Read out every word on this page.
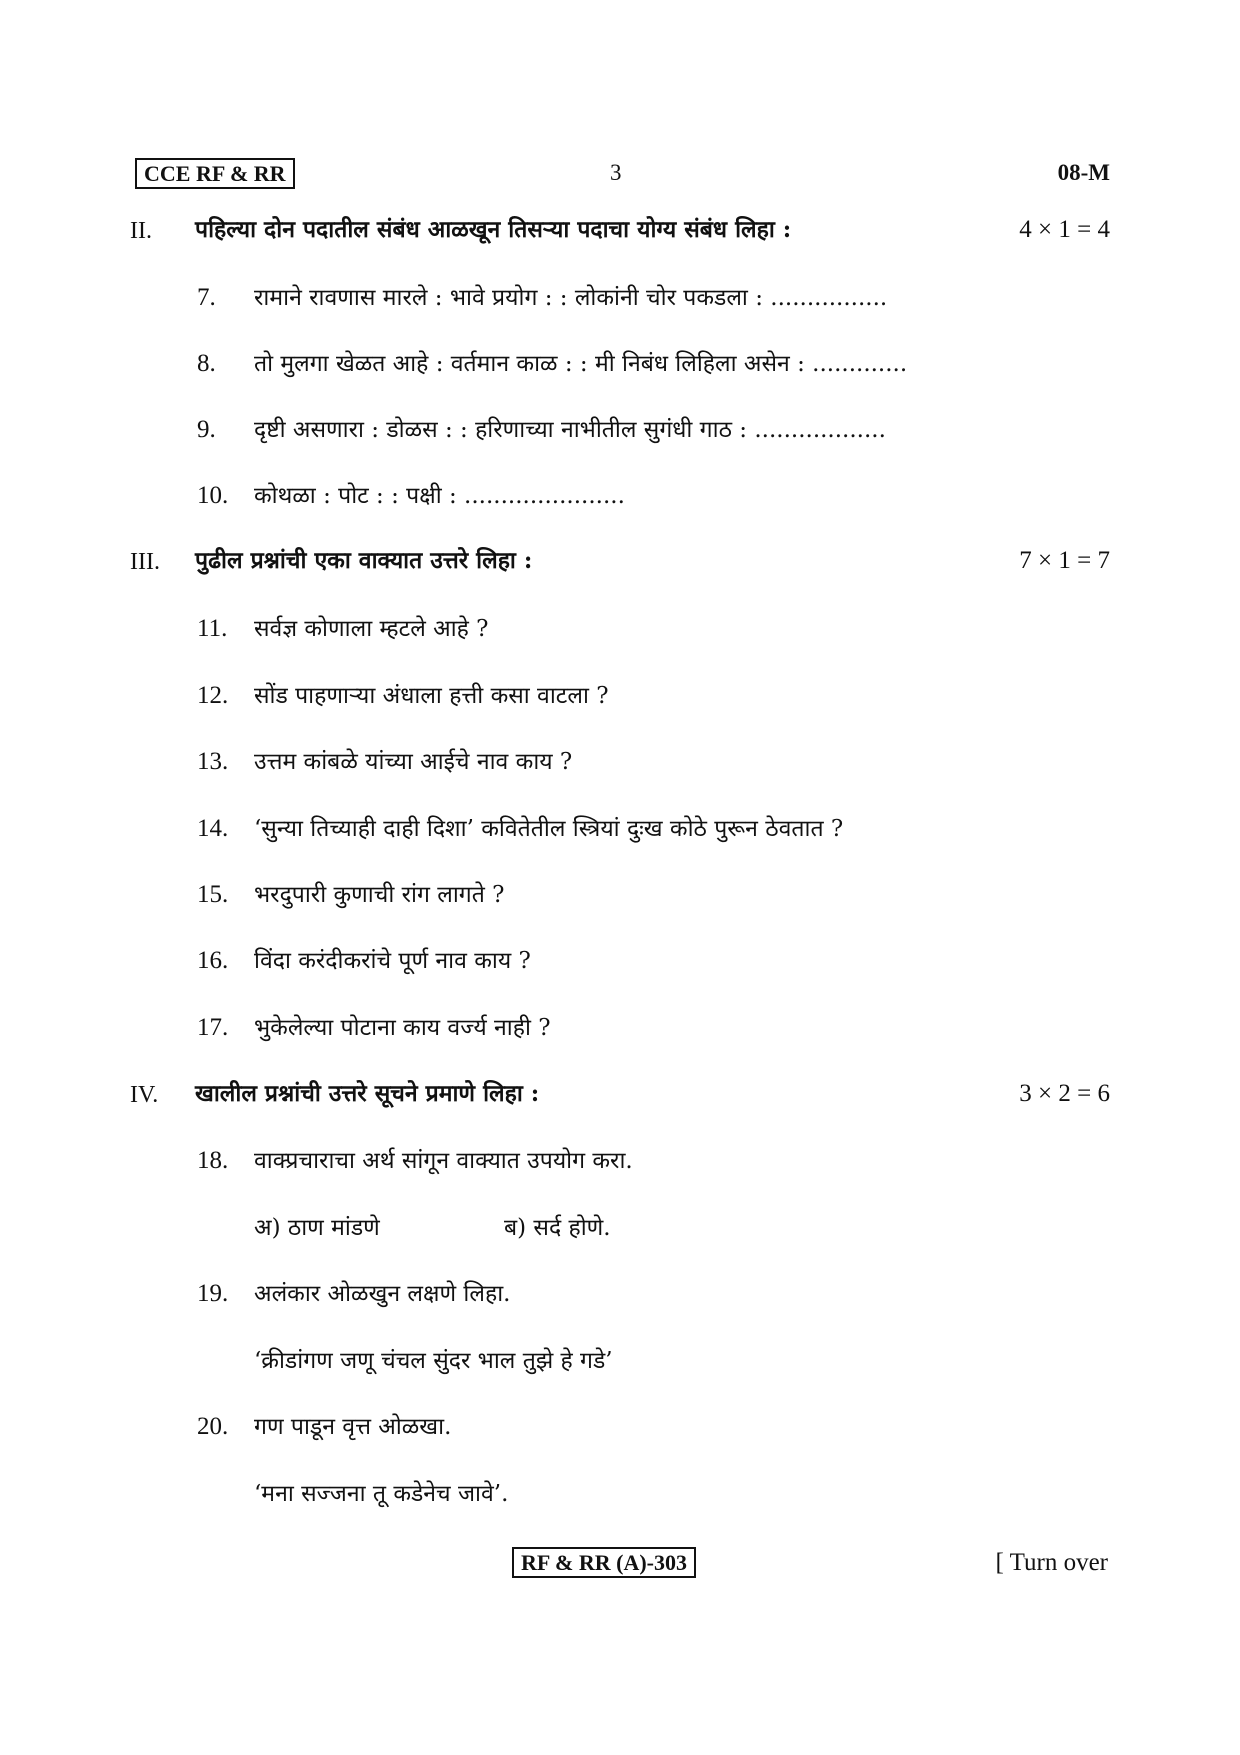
CCE RF & RR	3	08-M
II. पहिल्या दोन पदातील संबंध आळखून तिसऱ्या पदाचा योग्य संबंध लिहा :	4 × 1 = 4
7. रामाने रावणास मारले : भावे प्रयोग : : लोकांनी चोर पकडला : ................
8. तो मुलगा खेळत आहे : वर्तमान काळ : : मी निबंध लिहिला असेन : .............
9. दृष्टी असणारा : डोळस : : हरिणाच्या नाभीतील सुगंधी गाठ : ..................
10. कोथळा : पोट : : पक्षी : ......................
III. पुढील प्रश्नांची एका वाक्यात उत्तरे लिहा :	7 × 1 = 7
11. सर्वज्ञ कोणाला म्हटले आहे ?
12. सोंड पाहणाऱ्या अंधाला हत्ती कसा वाटला ?
13. उत्तम कांबळे यांच्या आईचे नाव काय ?
14. ‘सुन्या तिच्याही दाही दिशा’ कवितेतील स्त्रियां दुःख कोठे पुरून ठेवतात ?
15. भरदुपारी कुणाची रांग लागते ?
16. विंदा करंदीकरांचे पूर्ण नाव काय ?
17. भुकेलेल्या पोटाना काय वर्ज्य नाही ?
IV. खालील प्रश्नांची उत्तरे सूचने प्रमाणे लिहा :	3 × 2 = 6
18. वाक्प्रचाराचा अर्थ सांगून वाक्यात उपयोग करा.
अ) ठाण मांडणे	ब) सर्द होणे.
19. अलंकार ओळखुन लक्षणे लिहा.
‘क्रीडांगण जणू चंचल सुंदर भाल तुझे हे गडे’
20. गण पाडून वृत्त ओळखा.
‘मना सज्जना तू कडेनेच जावे’.
RF & RR (A)-303	[ Turn over
